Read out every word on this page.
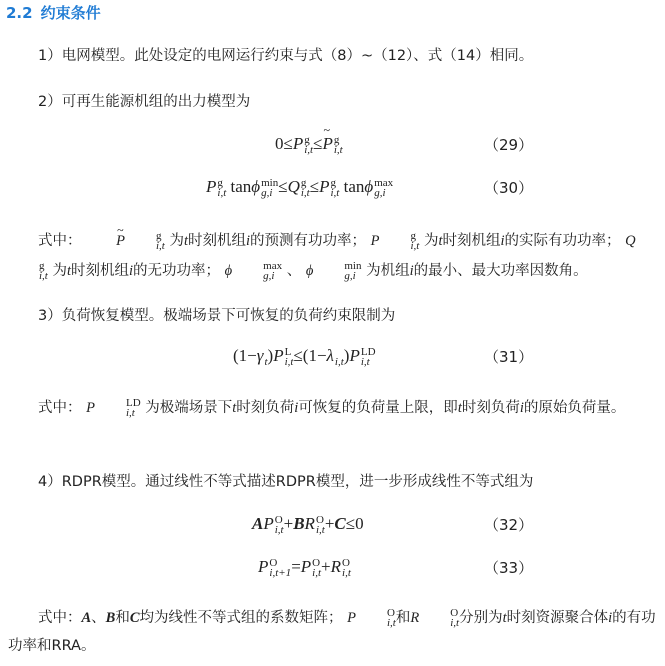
2.2 约束条件

1）电网模型。此处设定的电网运行约束与式（8）~（12）、式（14）相同。

2）可再生能源机组的出力模型为

0≤P g
i,t ≤~ P g
i,t	（29）
P g
i,t tanϕ min
g,i ≤Q g
i,t ≤P g
i,t tanϕ max
g,i	（30）

式中： ~ P	g
i,t 为t时刻机组i的预测有功功率； P	g
i,t 为t时刻机组i的实际有功功率； Q
g
i,t 为t时刻机组i的无功功率； ϕ	max
g,i 、 ϕ	min
g,i 为机组i的最小、最大功率因数角。

3）负荷恢复模型。极端场景下可恢复的负荷约束限制为

(1−γ
t )P L
i,t ≤(1−λ
i,t )P LD
i,t	（31）

式中： P	LD
i,t 为极端场景下t时刻负荷i可恢复的负荷量上限，即t时刻负荷i的原始负荷量。

4）RDPR模型。通过线性不等式描述RDPR模型，进一步形成线性不等式组为

AP O
i,t +BR O
i,t +C≤0	（32）
P O
i,t+1 =P O
i,t +R O
i,t	（33）

式中：A、B和C均为线性不等式组的系数矩阵； P	O
i,t 和R	O
i,t 分别为t时刻资源聚合体i的有功功率和RRA。
